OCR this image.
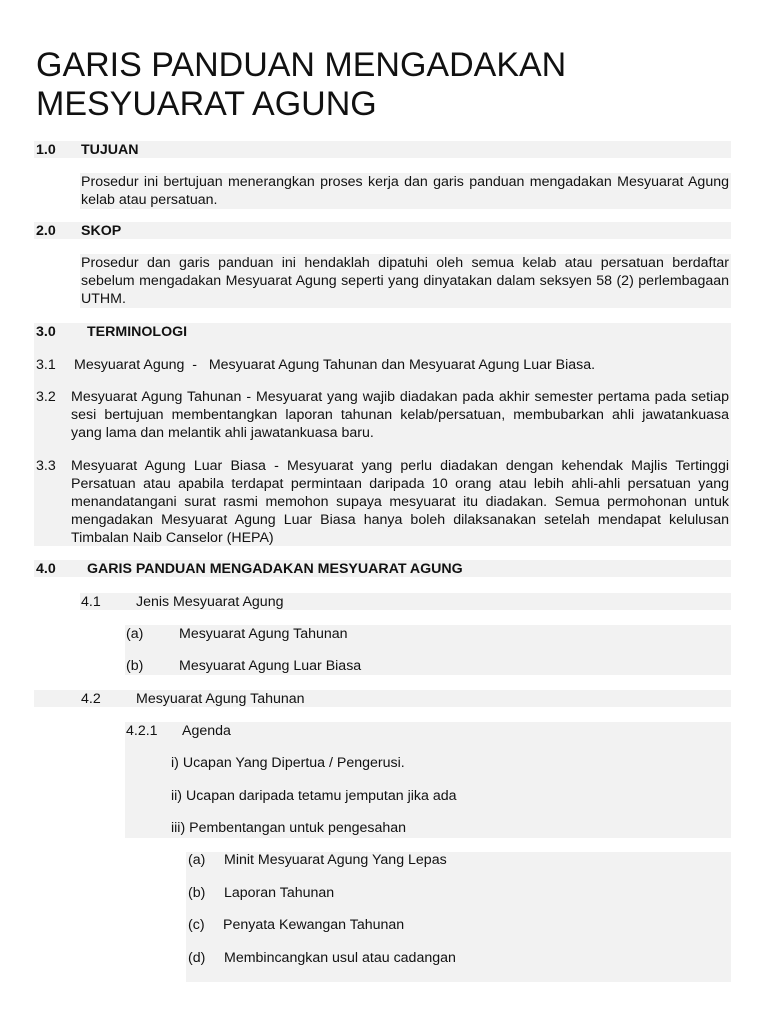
GARIS PANDUAN MENGADAKAN MESYUARAT AGUNG
1.0 TUJUAN

Prosedur ini bertujuan menerangkan proses kerja dan garis panduan mengadakan Mesyuarat Agung kelab atau persatuan.

2.0 SKOP

Prosedur dan garis panduan ini hendaklah dipatuhi oleh semua kelab atau persatuan berdaftar sebelum mengadakan Mesyuarat Agung seperti yang dinyatakan dalam seksyen 58 (2) perlembagaan UTHM.

3.0 TERMINOLOGI
3.1 Mesyuarat Agung  -   Mesyuarat Agung Tahunan dan Mesyuarat Agung Luar Biasa.
3.2 Mesyuarat Agung Tahunan - Mesyuarat yang wajib diadakan pada akhir semester pertama pada setiap sesi bertujuan membentangkan laporan tahunan kelab/persatuan, membubarkan ahli jawatankuasa yang lama dan melantik ahli jawatankuasa baru.

3.3 Mesyuarat Agung Luar Biasa - Mesyuarat yang perlu diadakan dengan kehendak Majlis Tertinggi Persatuan atau apabila terdapat permintaan daripada 10 orang atau lebih ahli-ahli persatuan yang menandatangani surat rasmi memohon supaya mesyuarat itu diadakan. Semua permohonan untuk mengadakan Mesyuarat Agung Luar Biasa hanya boleh dilaksanakan setelah mendapat kelulusan Timbalan Naib Canselor (HEPA)

4.0 GARIS PANDUAN MENGADAKAN MESYUARAT AGUNG
4.1 Jenis Mesyuarat Agung
(a)	Mesyuarat Agung Tahunan
(b)	Mesyuarat Agung Luar Biasa
4.2 Mesyuarat Agung Tahunan
4.2.1 Agenda
i) Ucapan Yang Dipertua / Pengerusi.
ii) Ucapan daripada tetamu jemputan jika ada
iii) Pembentangan untuk pengesahan
(a) Minit Mesyuarat Agung Yang Lepas
(b) Laporan Tahunan
(c) Penyata Kewangan Tahunan
(d) Membincangkan usul atau cadangan
